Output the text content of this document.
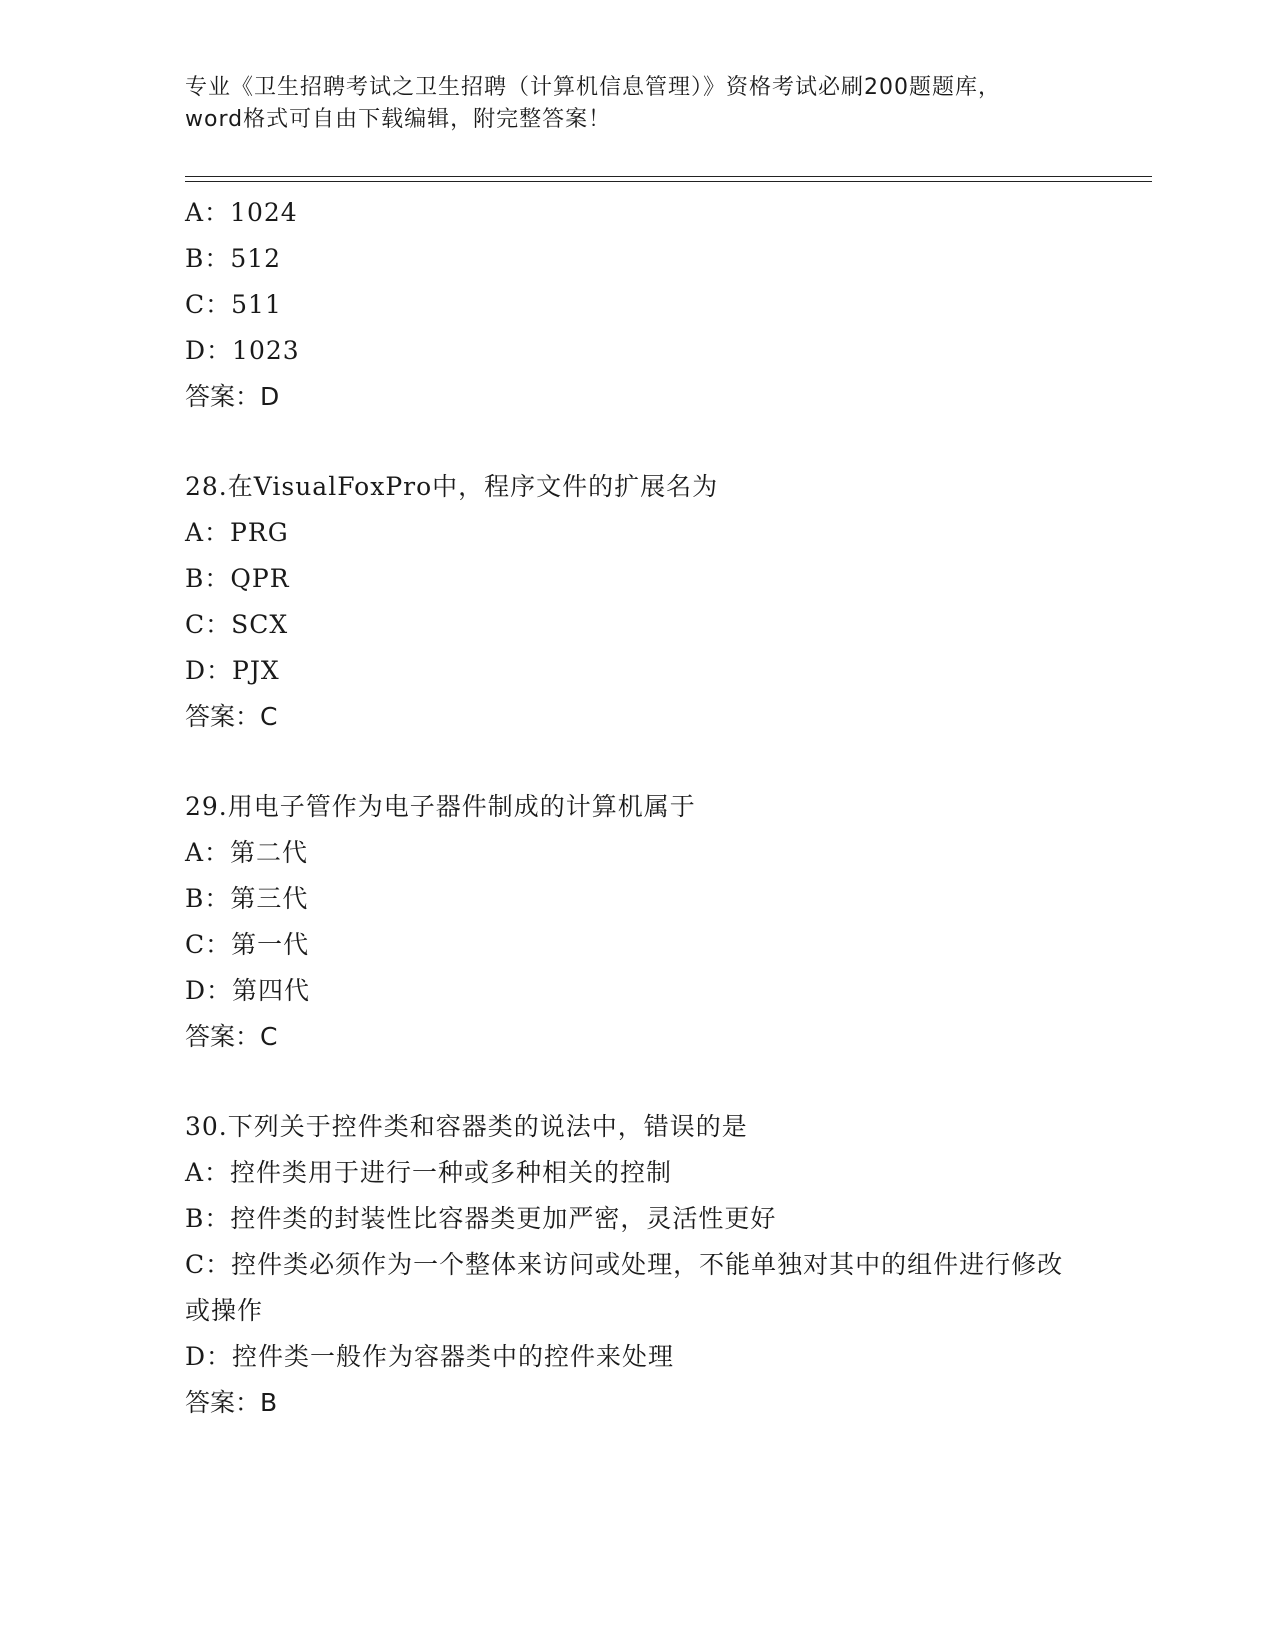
专业《卫生招聘考试之卫生招聘（计算机信息管理）》资格考试必刷200题题库，
word格式可自由下载编辑，附完整答案！
A：1024
B：512
C：511
D：1023
答案：D
28.在VisualFoxPro中，程序文件的扩展名为
A：PRG
B：QPR
C：SCX
D：PJX
答案：C
29.用电子管作为电子器件制成的计算机属于
A：第二代
B：第三代
C：第一代
D：第四代
答案：C
30.下列关于控件类和容器类的说法中，错误的是
A：控件类用于进行一种或多种相关的控制
B：控件类的封装性比容器类更加严密，灵活性更好
C：控件类必须作为一个整体来访问或处理，不能单独对其中的组件进行修改或操作
D：控件类一般作为容器类中的控件来处理
答案：B
